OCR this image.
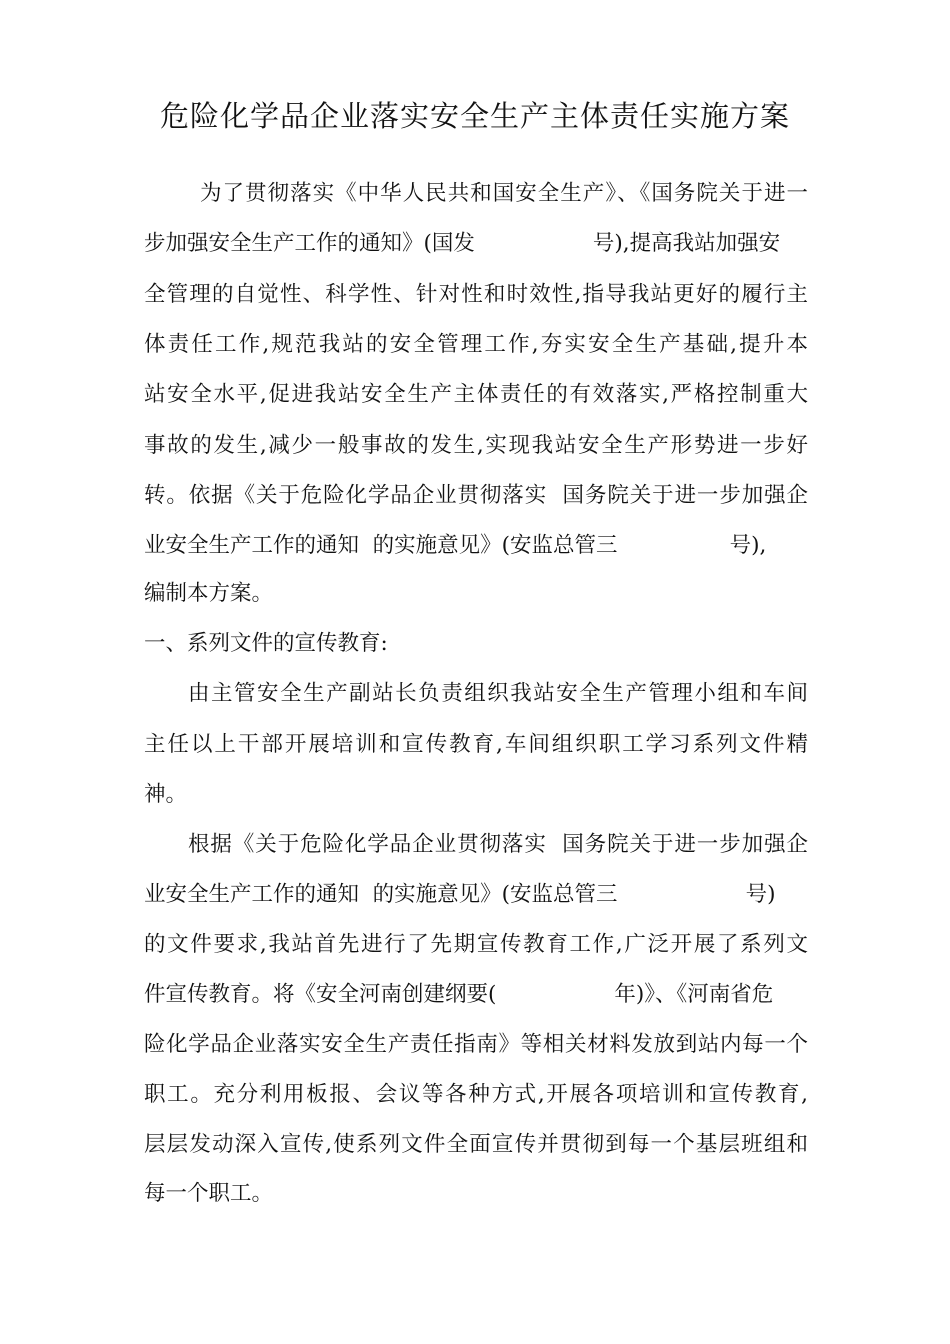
危险化学品企业落实安全生产主体责任实施方案
为了贯彻落实《中华人民共和国安全生产》、《国务院关于进一
步加强安全生产工作的通知》(国发	号),提高我站加强安
全管理的自觉性、科学性、针对性和时效性,指导我站更好的履行主
体责任工作,规范我站的安全管理工作,夯实安全生产基础,提升本
站安全水平,促进我站安全生产主体责任的有效落实,严格控制重大
事故的发生,减少一般事故的发生,实现我站安全生产形势进一步好
转。依据《关于危险化学品企业贯彻落实  国务院关于进一步加强企
业安全生产工作的通知  的实施意见》(安监总管三	号),
编制本方案。
一、系列文件的宣传教育:
由主管安全生产副站长负责组织我站安全生产管理小组和车间
主任以上干部开展培训和宣传教育,车间组织职工学习系列文件精
神。
根据《关于危险化学品企业贯彻落实  国务院关于进一步加强企
业安全生产工作的通知  的实施意见》(安监总管三	号)
的文件要求,我站首先进行了先期宣传教育工作,广泛开展了系列文
件宣传教育。将《安全河南创建纲要(	年)》、《河南省危
险化学品企业落实安全生产责任指南》等相关材料发放到站内每一个
职工。充分利用板报、会议等各种方式,开展各项培训和宣传教育,
层层发动深入宣传,使系列文件全面宣传并贯彻到每一个基层班组和
每一个职工。
